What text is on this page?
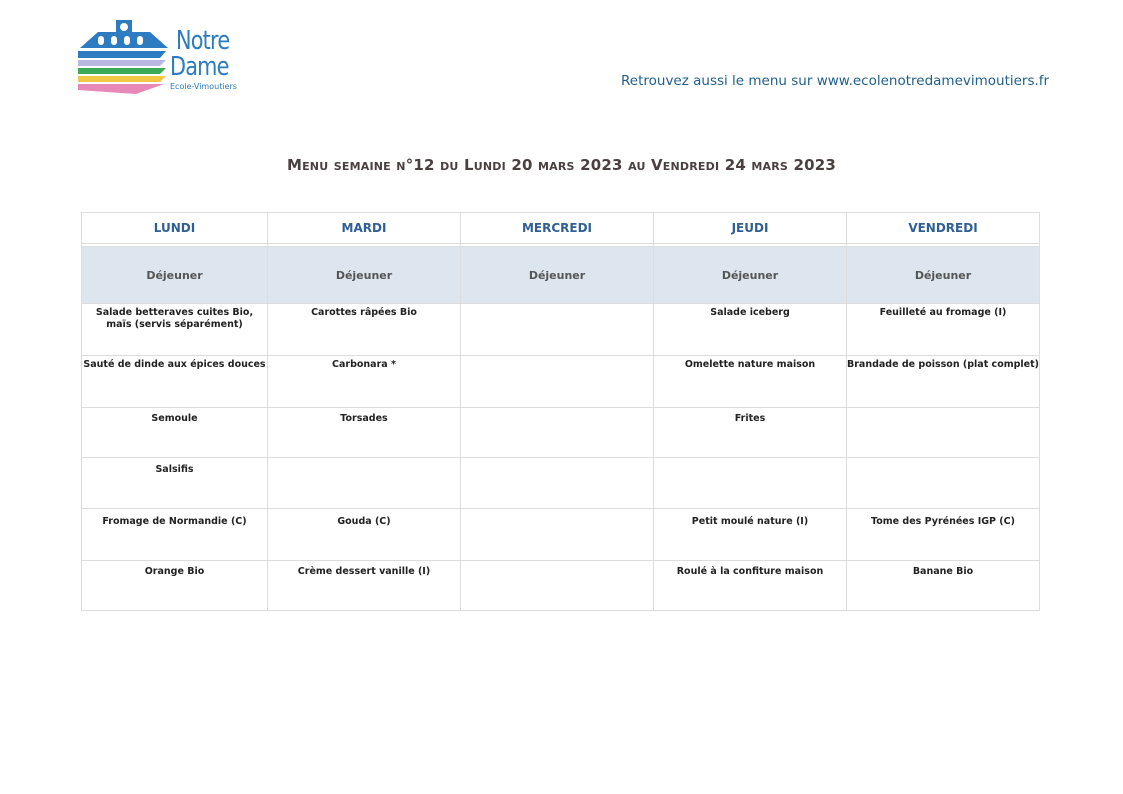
Notre
Dame
Ecole-Vimoutiers	Retrouvez aussi le menu sur www.ecolenotredamevimoutiers.fr
Menu semaine n°12 du Lundi 20 mars 2023 au Vendredi 24 mars 2023
LUNDI	MARDI	MERCREDI	JEUDI	VENDREDI

Déjeuner	Déjeuner	Déjeuner	Déjeuner	Déjeuner
Salade betteraves cuites Bio, maïs (servis séparément)	Carottes râpées Bio		Salade iceberg	Feuilleté au fromage (I)
Sauté de dinde aux épices douces	Carbonara *		Omelette nature maison	Brandade de poisson (plat complet)
Semoule	Torsades		Frites	
Salsifis				
Fromage de Normandie (C)	Gouda (C)		Petit moulé nature (I)	Tome des Pyrénées IGP (C)
Orange Bio	Crème dessert vanille (I)		Roulé à la confiture maison	Banane Bio
